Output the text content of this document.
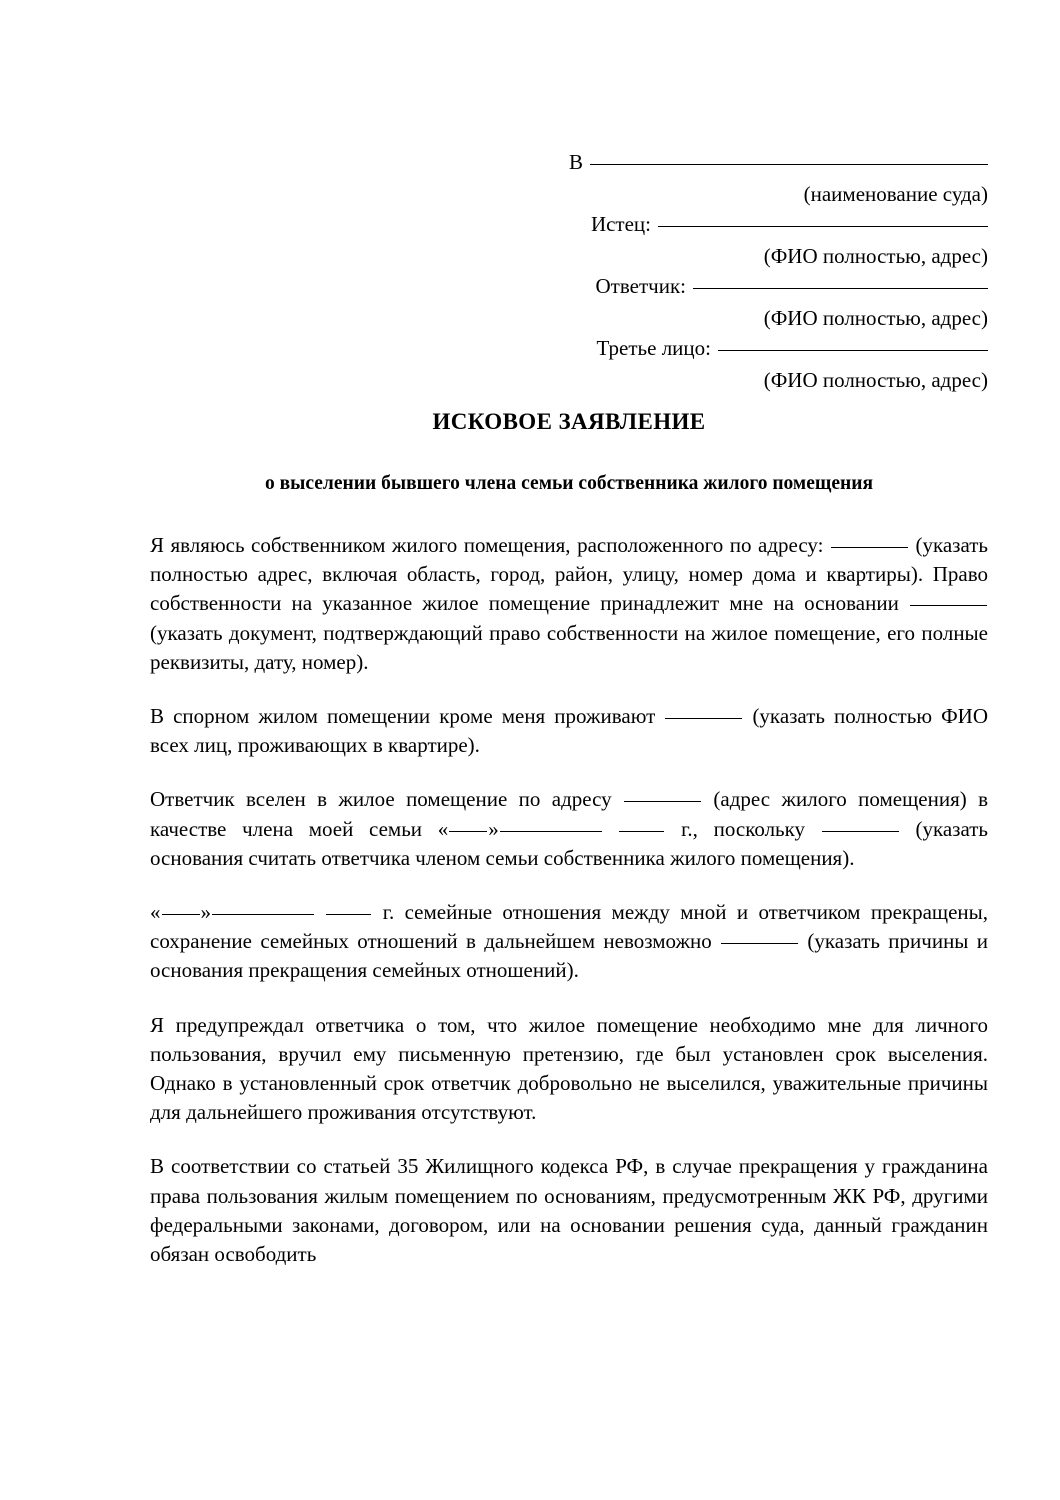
В
(наименование суда)
Истец:
(ФИО полностью, адрес)
Ответчик:
(ФИО полностью, адрес)
Третье лицо:
(ФИО полностью, адрес)
ИСКОВОЕ ЗАЯВЛЕНИЕ
о выселении бывшего члена семьи собственника жилого помещения

Я являюсь собственником жилого помещения, расположенного по адресу:	(указать полностью адрес, включая область, город, район, улицу, номер дома и квартиры). Право собственности на указанное жилое помещение принадлежит мне на основании  (указать документ, подтверждающий право собственности на жилое помещение, его полные реквизиты, дату, номер).

В спорном жилом помещении кроме меня проживают	(указать полностью ФИО всех лиц, проживающих в квартире).

Ответчик вселен в жилое помещение по адресу	(адрес жилого помещения) в качестве члена моей семьи « »	г., поскольку	(указать основания считать ответчика членом семьи собственника жилого помещения).

« »	г. семейные отношения между мной и ответчиком прекращены, сохранение семейных отношений в дальнейшем невозможно	(указать причины и основания прекращения семейных отношений).

Я предупреждал ответчика о том, что жилое помещение необходимо мне для личного пользования, вручил ему письменную претензию, где был установлен срок выселения. Однако в установленный срок ответчик добровольно не выселился, уважительные причины для дальнейшего проживания отсутствуют.

В соответствии со статьей 35 Жилищного кодекса РФ, в случае прекращения у гражданина права пользования жилым помещением по основаниям, предусмотренным ЖК РФ, другими федеральными законами, договором, или на основании решения суда, данный гражданин обязан освободить
